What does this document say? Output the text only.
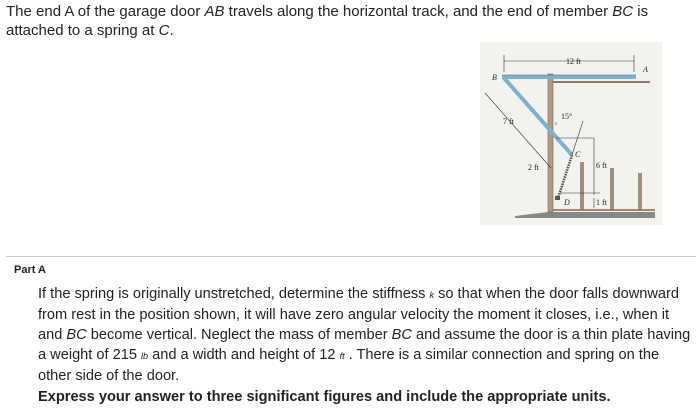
The end A of the garage door AB travels along the horizontal track, and the end of member BC is attached to a spring at C.
12 ft
A
B
7 ft
15°
C
2 ft	6 ft
D	1 ft
Part A
If the spring is originally unstretched, determine the stiffness k so that when the door falls downward from rest in the position shown, it will have zero angular velocity the moment it closes, i.e., when it and BC become vertical. Neglect the mass of member BC and assume the door is a thin plate having a weight of 215 lb and a width and height of 12 ft . There is a similar connection and spring on the other side of the door.
Express your answer to three significant figures and include the appropriate units.
